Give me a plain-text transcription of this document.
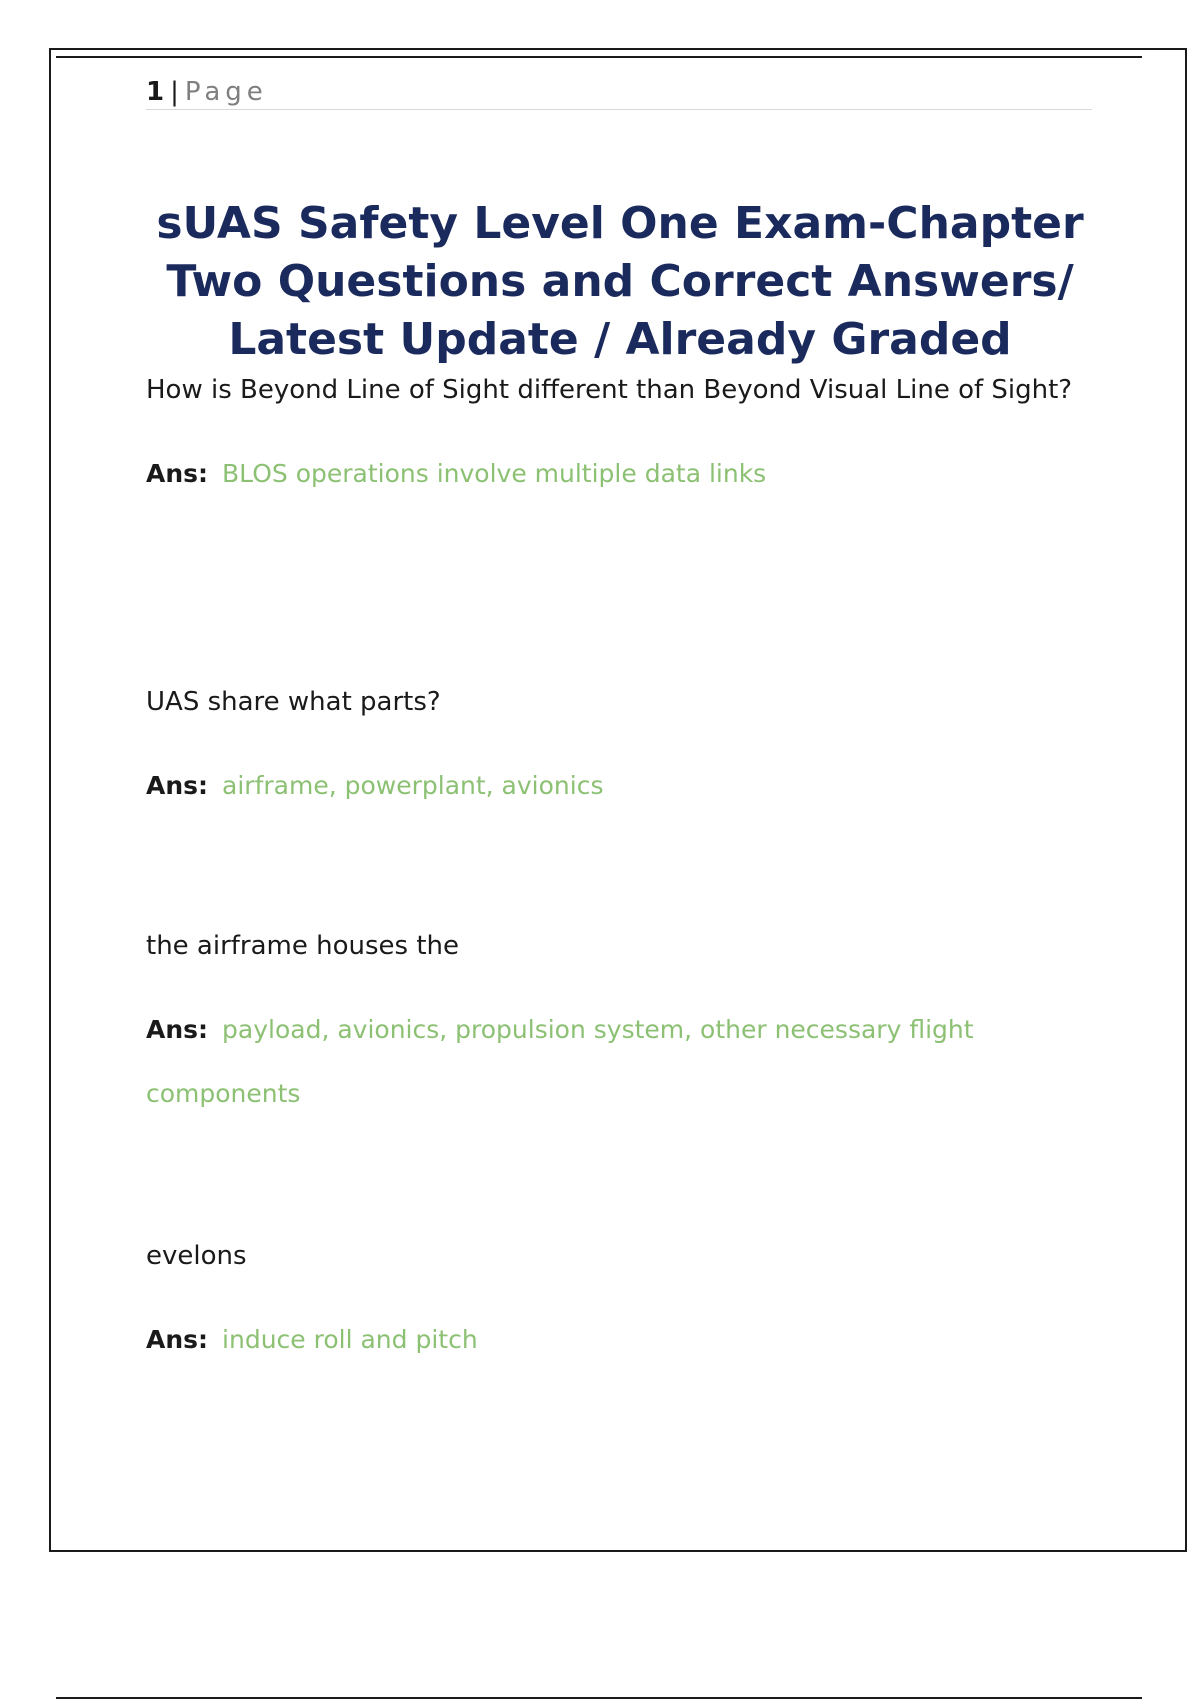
1 | Page
sUAS Safety Level One Exam-Chapter
Two Questions and Correct Answers/
Latest Update / Already Graded

How is Beyond Line of Sight different than Beyond Visual Line of Sight?

Ans: BLOS operations involve multiple data links

UAS share what parts?

Ans: airframe, powerplant, avionics

the airframe houses the

Ans: payload, avionics, propulsion system, other necessary flight components

evelons

Ans: induce roll and pitch
